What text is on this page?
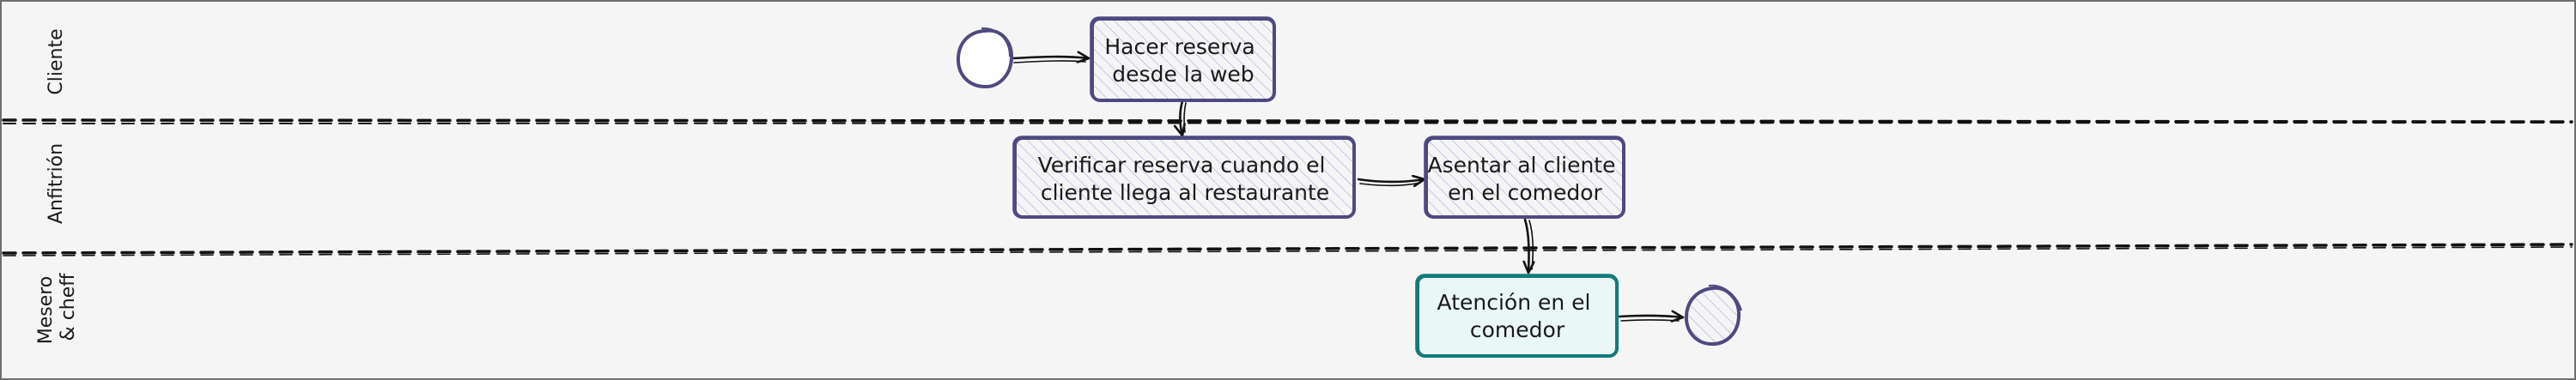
Cliente
Anfitrión
Mesero & cheff
Hacer reserva desde la web
Verificar reserva cuando el cliente llega al restaurante
Asentar al cliente en el comedor
Atención en el comedor
